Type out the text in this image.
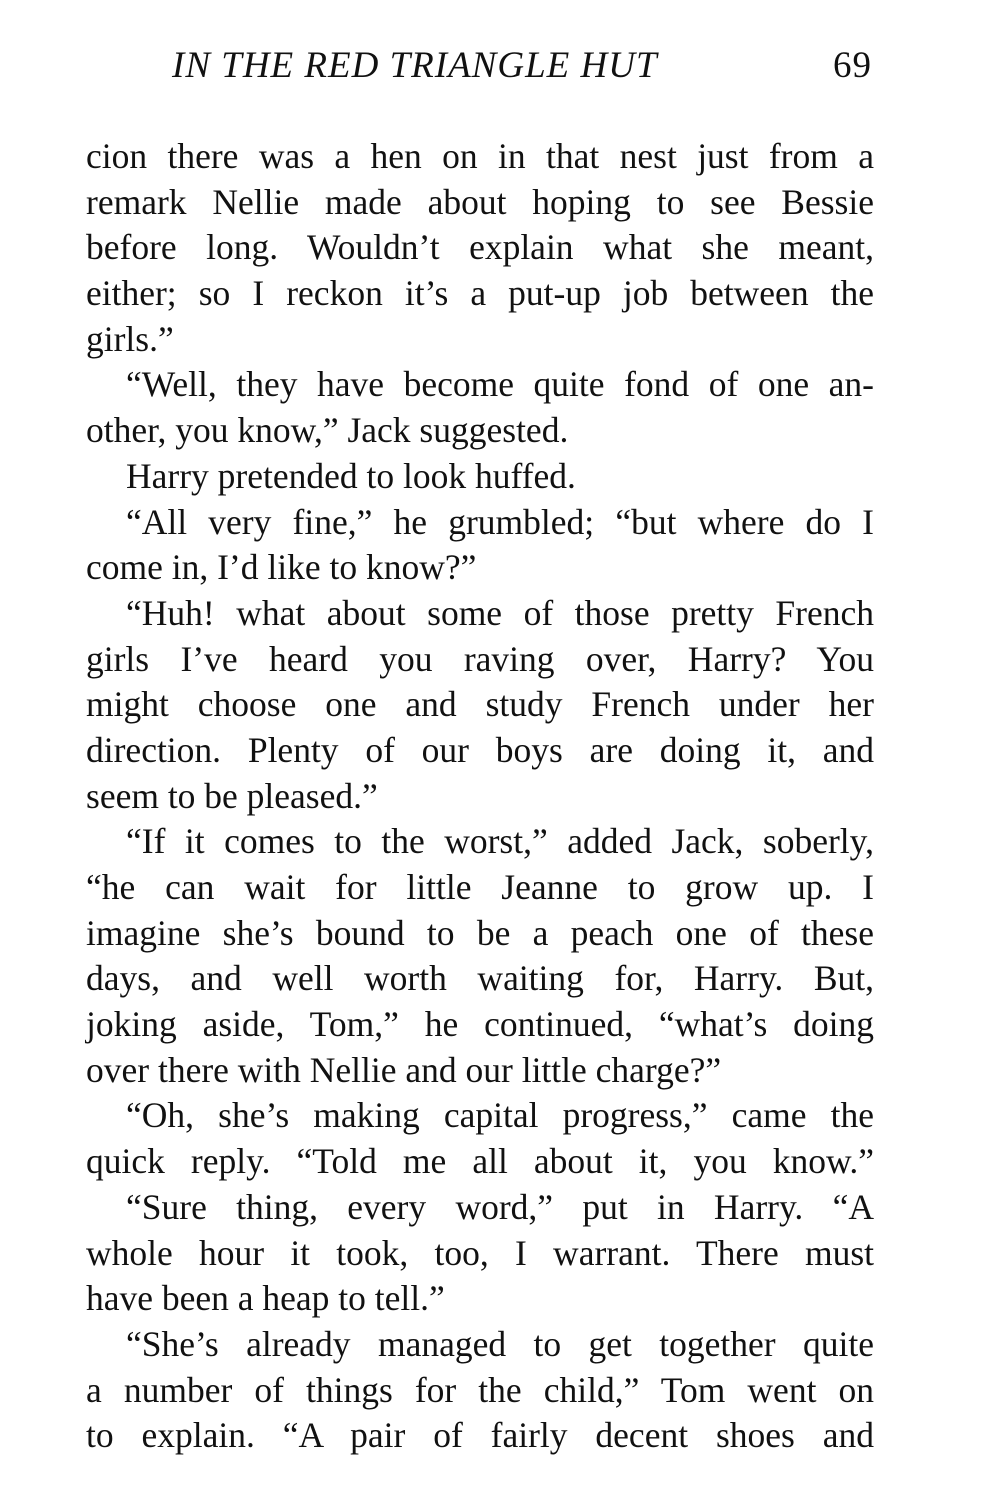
IN THE RED TRIANGLE HUT	69
cion there was a hen on in that nest just from a
remark Nellie made about hoping to see Bessie
before long. Wouldn’t explain what she meant,
either; so I reckon it’s a put-up job between the
girls.”
“Well, they have become quite fond of one an-
other, you know,” Jack suggested.
Harry pretended to look huffed.
“All very fine,” he grumbled; “but where do I
come in, I’d like to know?”
“Huh! what about some of those pretty French
girls I’ve heard you raving over, Harry? You
might choose one and study French under her
direction. Plenty of our boys are doing it, and
seem to be pleased.”
“If it comes to the worst,” added Jack, soberly,
“he can wait for little Jeanne to grow up. I
imagine she’s bound to be a peach one of these
days, and well worth waiting for, Harry. But,
joking aside, Tom,” he continued, “what’s doing
over there with Nellie and our little charge?”
“Oh, she’s making capital progress,” came the
quick reply. “Told me all about it, you know.”
“Sure thing, every word,” put in Harry. “A
whole hour it took, too, I warrant. There must
have been a heap to tell.”
“She’s already managed to get together quite
a number of things for the child,” Tom went on
to explain. “A pair of fairly decent shoes and
